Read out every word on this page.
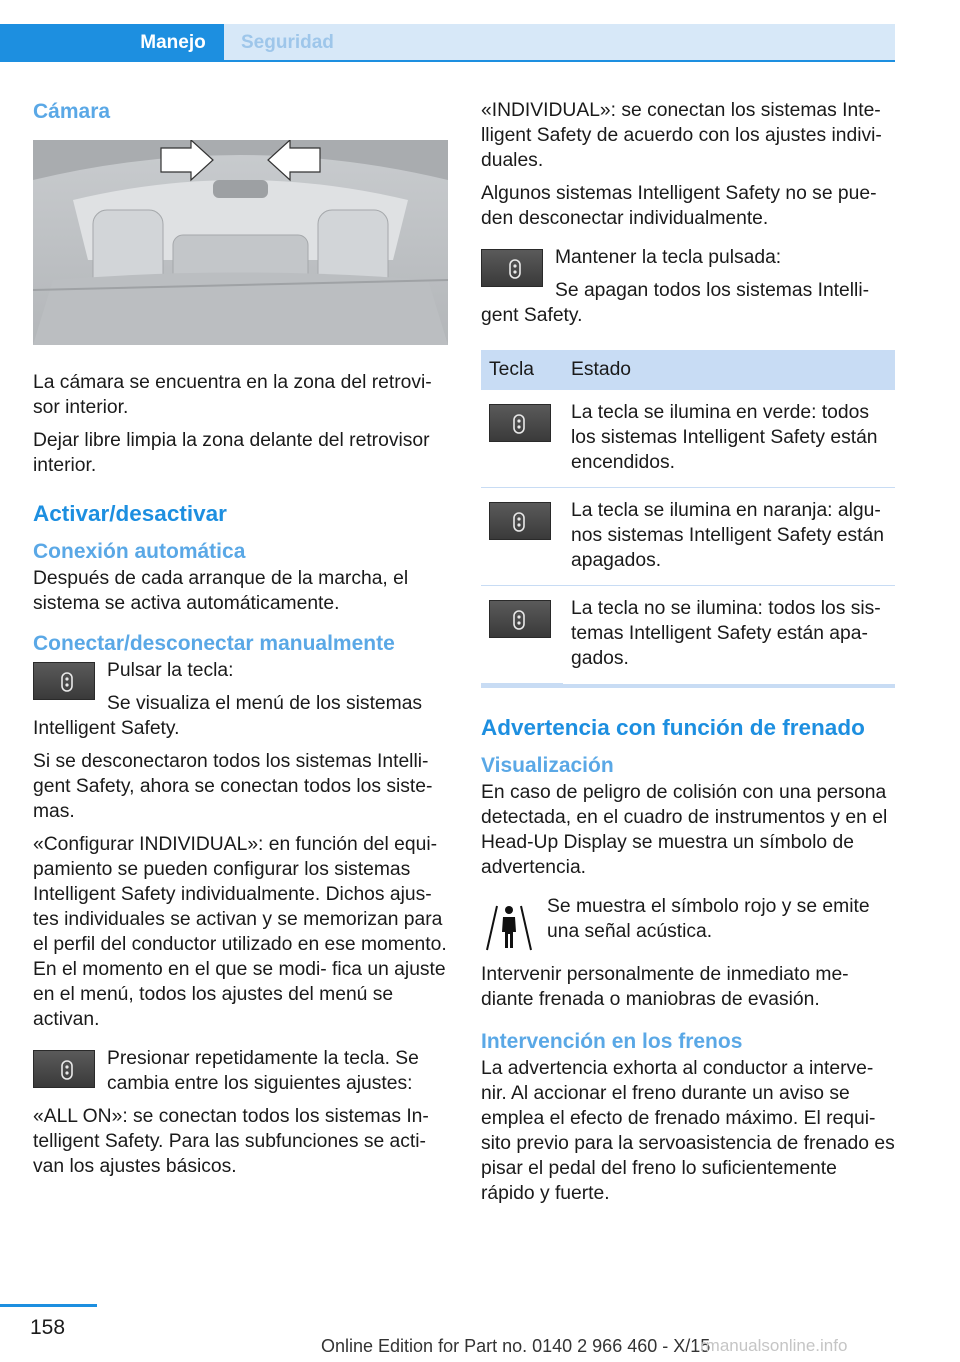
Manejo	Seguridad
Cámara

La cámara se encuentra en la zona del retrovi‐ sor interior.

Dejar libre limpia la zona delante del retrovisor interior.

Activar/desactivar
Conexión automática

Después de cada arranque de la marcha, el sistema se activa automáticamente.

Conectar/desconectar manualmente

Pulsar la tecla:

Se visualiza el menú de los sistemas Intelligent Safety.

Si se desconectaron todos los sistemas Intelli‐ gent Safety, ahora se conectan todos los siste‐ mas.

«Configurar INDIVIDUAL»: en función del equi‐ pamiento se pueden configurar los sistemas Intelligent Safety individualmente. Dichos ajus‐ tes individuales se activan y se memorizan para el perfil del conductor utilizado en ese momento. En el momento en el que se modi‐ fica un ajuste en el menú, todos los ajustes del menú se activan.

Presionar repetidamente la tecla. Se cambia entre los siguientes ajustes:

«ALL ON»: se conectan todos los sistemas In‐ telligent Safety. Para las subfunciones se acti‐ van los ajustes básicos.

«INDIVIDUAL»: se conectan los sistemas Inte‐ lligent Safety de acuerdo con los ajustes indivi‐ duales.

Algunos sistemas Intelligent Safety no se pue‐ den desconectar individualmente.

Mantener la tecla pulsada:

Se apagan todos los sistemas Intelli‐ gent Safety.

Tecla	Estado

	La tecla se ilumina en verde: todos los sistemas Intelligent Safety están encendidos.

	La tecla se ilumina en naranja: algu‐ nos sistemas Intelligent Safety están apagados.

	La tecla no se ilumina: todos los sis‐ temas Intelligent Safety están apa‐ gados.
Advertencia con función de frenado
Visualización

En caso de peligro de colisión con una persona detectada, en el cuadro de instrumentos y en el Head-Up Display se muestra un símbolo de advertencia.

Se muestra el símbolo rojo y se emite una señal acústica.

Intervenir personalmente de inmediato me‐ diante frenada o maniobras de evasión.

Intervención en los frenos

La advertencia exhorta al conductor a interve‐ nir. Al accionar el freno durante un aviso se emplea el efecto de frenado máximo. El requi‐ sito previo para la servoasistencia de frenado es pisar el pedal del freno lo suficientemente rápido y fuerte.

158
Online Edition for Part no. 0140 2 966 460 - X/15
rmanualsonline.info
